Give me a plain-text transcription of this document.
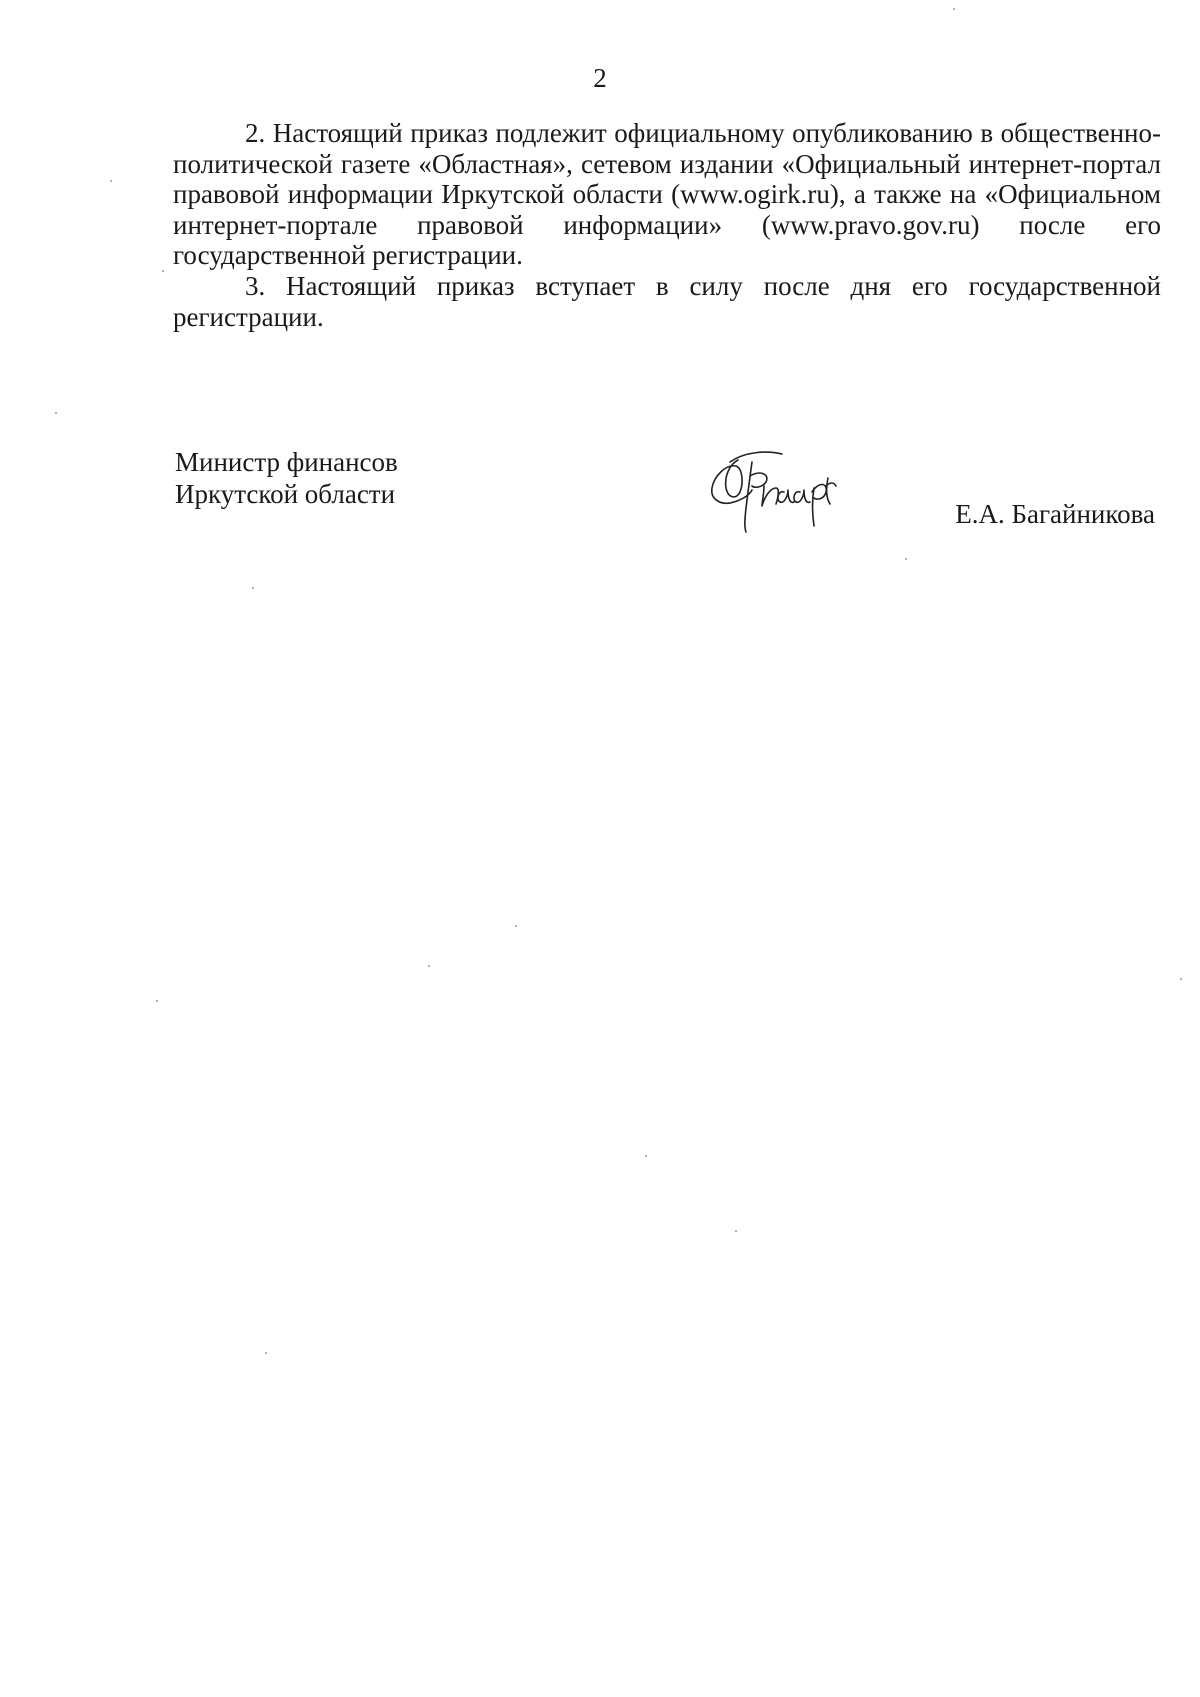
2

2. Настоящий приказ подлежит официальному опубликованию в общественно-политической газете «Областная», сетевом издании «Официальный интернет-портал правовой информации Иркутской области (www.ogirk.ru), а также на «Официальном интернет-портале правовой информации» (www.pravo.gov.ru) после его государственной регистрации.

3. Настоящий приказ вступает в силу после дня его государственной регистрации.

Министр финансов
Иркутской области
Е.А. Багайникова
